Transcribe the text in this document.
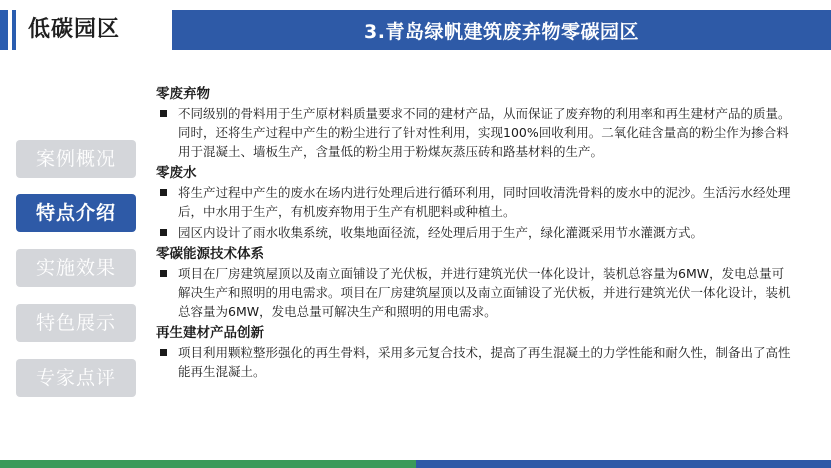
低碳园区	3.青岛绿帆建筑废弃物零碳园区
案例概况
特点介绍
实施效果
特色展示
专家点评
零废弃物
不同级别的骨料用于生产原材料质量要求不同的建材产品，从而保证了废弃物的利用率和再生建材产品的质量。同时，还将生产过程中产生的粉尘进行了针对性利用，实现100%回收利用。二氧化硅含量高的粉尘作为掺合料用于混凝土、墙板生产，含量低的粉尘用于粉煤灰蒸压砖和路基材料的生产。
零废水
将生产过程中产生的废水在场内进行处理后进行循环利用，同时回收清洗骨料的废水中的泥沙。生活污水经处理后，中水用于生产，有机废弃物用于生产有机肥料或种植土。
园区内设计了雨水收集系统，收集地面径流，经处理后用于生产，绿化灌溉采用节水灌溉方式。
零碳能源技术体系
项目在厂房建筑屋顶以及南立面铺设了光伏板，并进行建筑光伏一体化设计，装机总容量为6MW，发电总量可解决生产和照明的用电需求。项目在厂房建筑屋顶以及南立面铺设了光伏板，并进行建筑光伏一体化设计，装机总容量为6MW，发电总量可解决生产和照明的用电需求。
再生建材产品创新
项目利用颗粒整形强化的再生骨料，采用多元复合技术，提高了再生混凝土的力学性能和耐久性，制备出了高性能再生混凝土。
